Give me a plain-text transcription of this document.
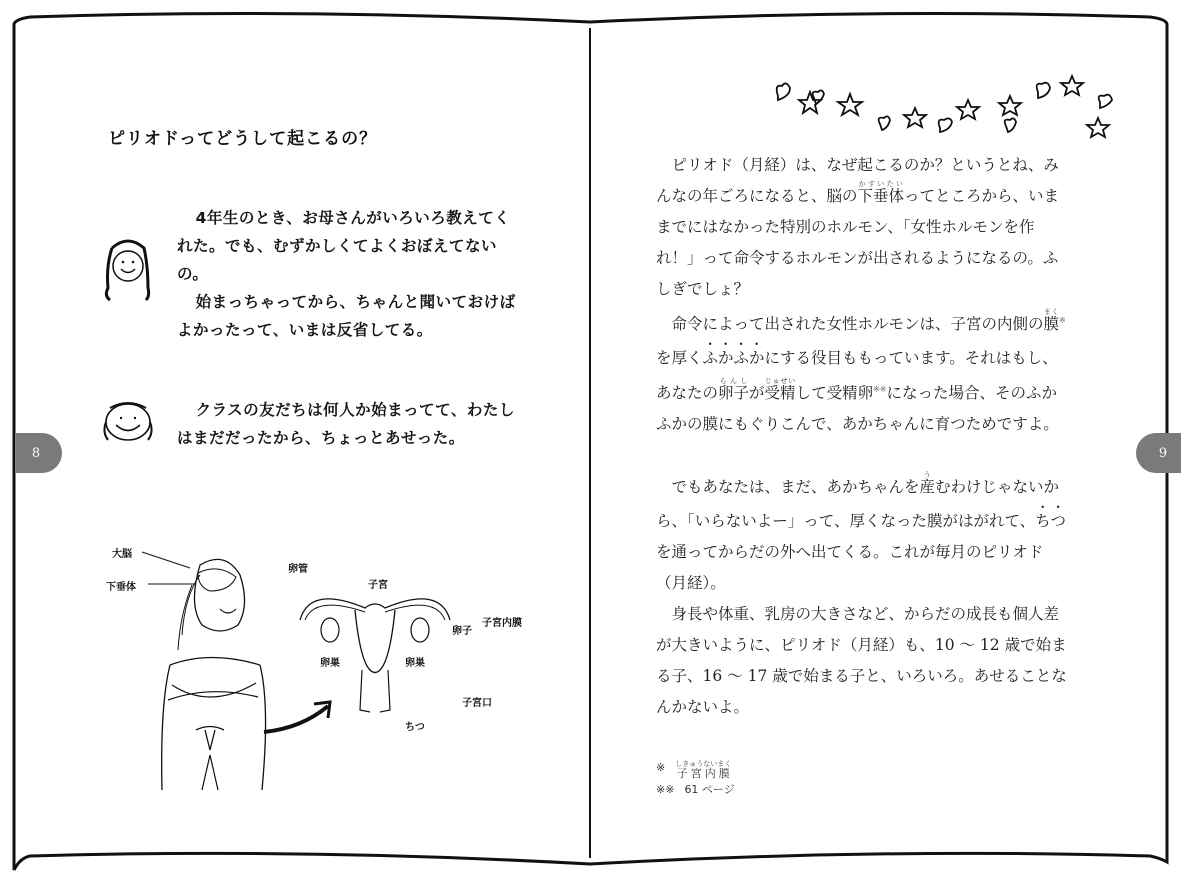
ピリオドってどうして起こるの？

4年生のとき、お母さんがいろいろ教えてくれた。でも、むずかしくてよくおぼえてないの。

始まっちゃってから、ちゃんと聞いておけばよかったって、いまは反省してる。

クラスの友だちは何人か始まってて、わたしはまだだったから、ちょっとあせった。

大脳
下垂体
卵管
子宮
子宮内膜
卵子
卵巣	卵巣
子宮口
ちつ
8

ピリオド（月経）は、なぜ起こるのか？というとね、みんなの年ごろになると、脳の下垂体かすいたいってところから、いままでにはなかった特別のホルモン、「女性ホルモンを作れ！」って命令するホルモンが出されるようになるの。ふしぎでしょ？

命令によって出された女性ホルモンは、子宮の内側の膜まく※を厚くふかふかにする役目ももっています。それはもし、あなたの卵子らんしが受精じゅせいして受精卵※※になった場合、そのふかふかの膜にもぐりこんで、あかちゃんに育つためですよ。

でもあなたは、まだ、あかちゃんを産うむわけじゃないから、「いらないよー」って、厚くなった膜がはがれて、ちつを通ってからだの外へ出てくる。これが毎月のピリオド（月経）。

身長や体重、乳房の大きさなど、からだの成長も個人差が大きいように、ピリオド（月経）も、10 ～ 12 歳で始まる子、16 ～ 17 歳で始まる子と、いろいろ。あせることなんかないよ。

※ 子宮内膜しきゅうないまく
※※ 61 ページ
9
